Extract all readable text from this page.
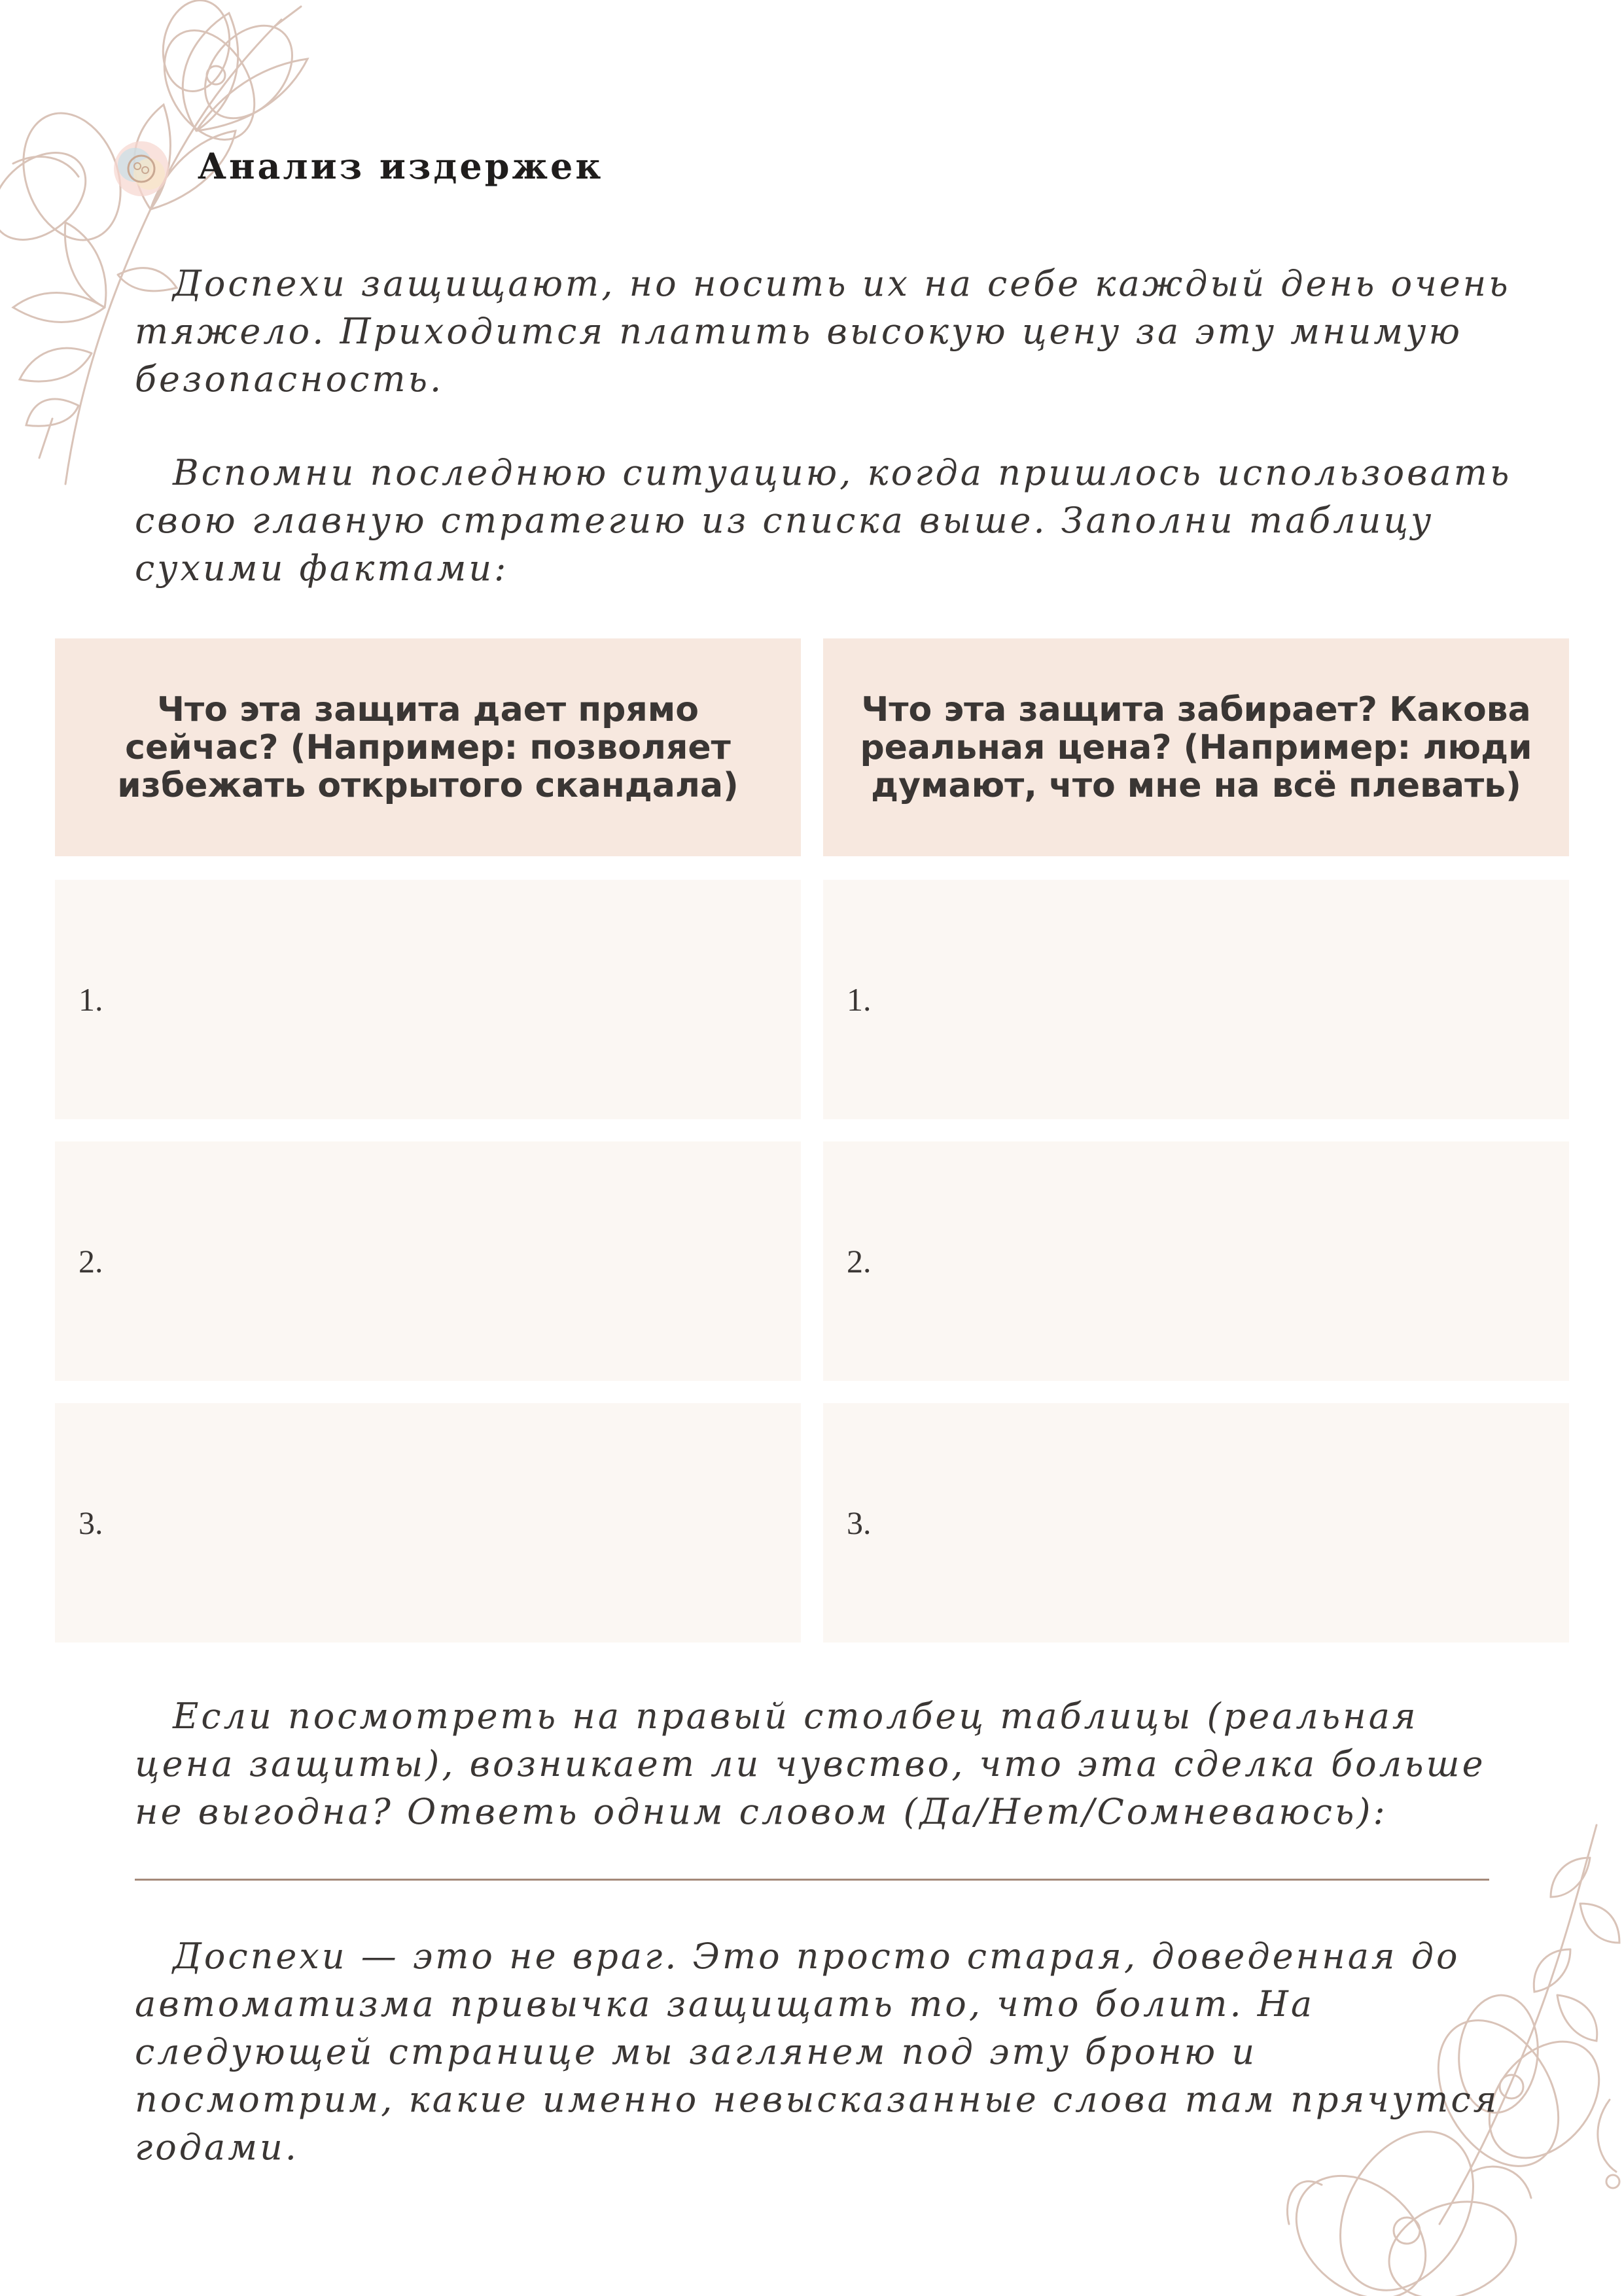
Анализ издержек

Доспехи защищают, но носить их на себе каждый день очень тяжело. Приходится платить высокую цену за эту мнимую безопасность.

Вспомни последнюю ситуацию, когда пришлось использовать свою главную стратегию из списка выше. Заполни таблицу сухими фактами:

Что эта защита дает прямо сейчас? (Например: позволяет избежать открытого скандала)
Что эта защита забирает? Какова реальная цена? (Например: люди думают, что мне на всё плевать)
1.	1.
2.	2.
3.	3.

Если посмотреть на правый столбец таблицы (реальная цена защиты), возникает ли чувство, что эта сделка больше не выгодна? Ответь одним словом (Да/Нет/Сомневаюсь):

Доспехи — это не враг. Это просто старая, доведенная до автоматизма привычка защищать то, что болит. На следующей странице мы заглянем под эту броню и посмотрим, какие именно невысказанные слова там прячутся годами.
